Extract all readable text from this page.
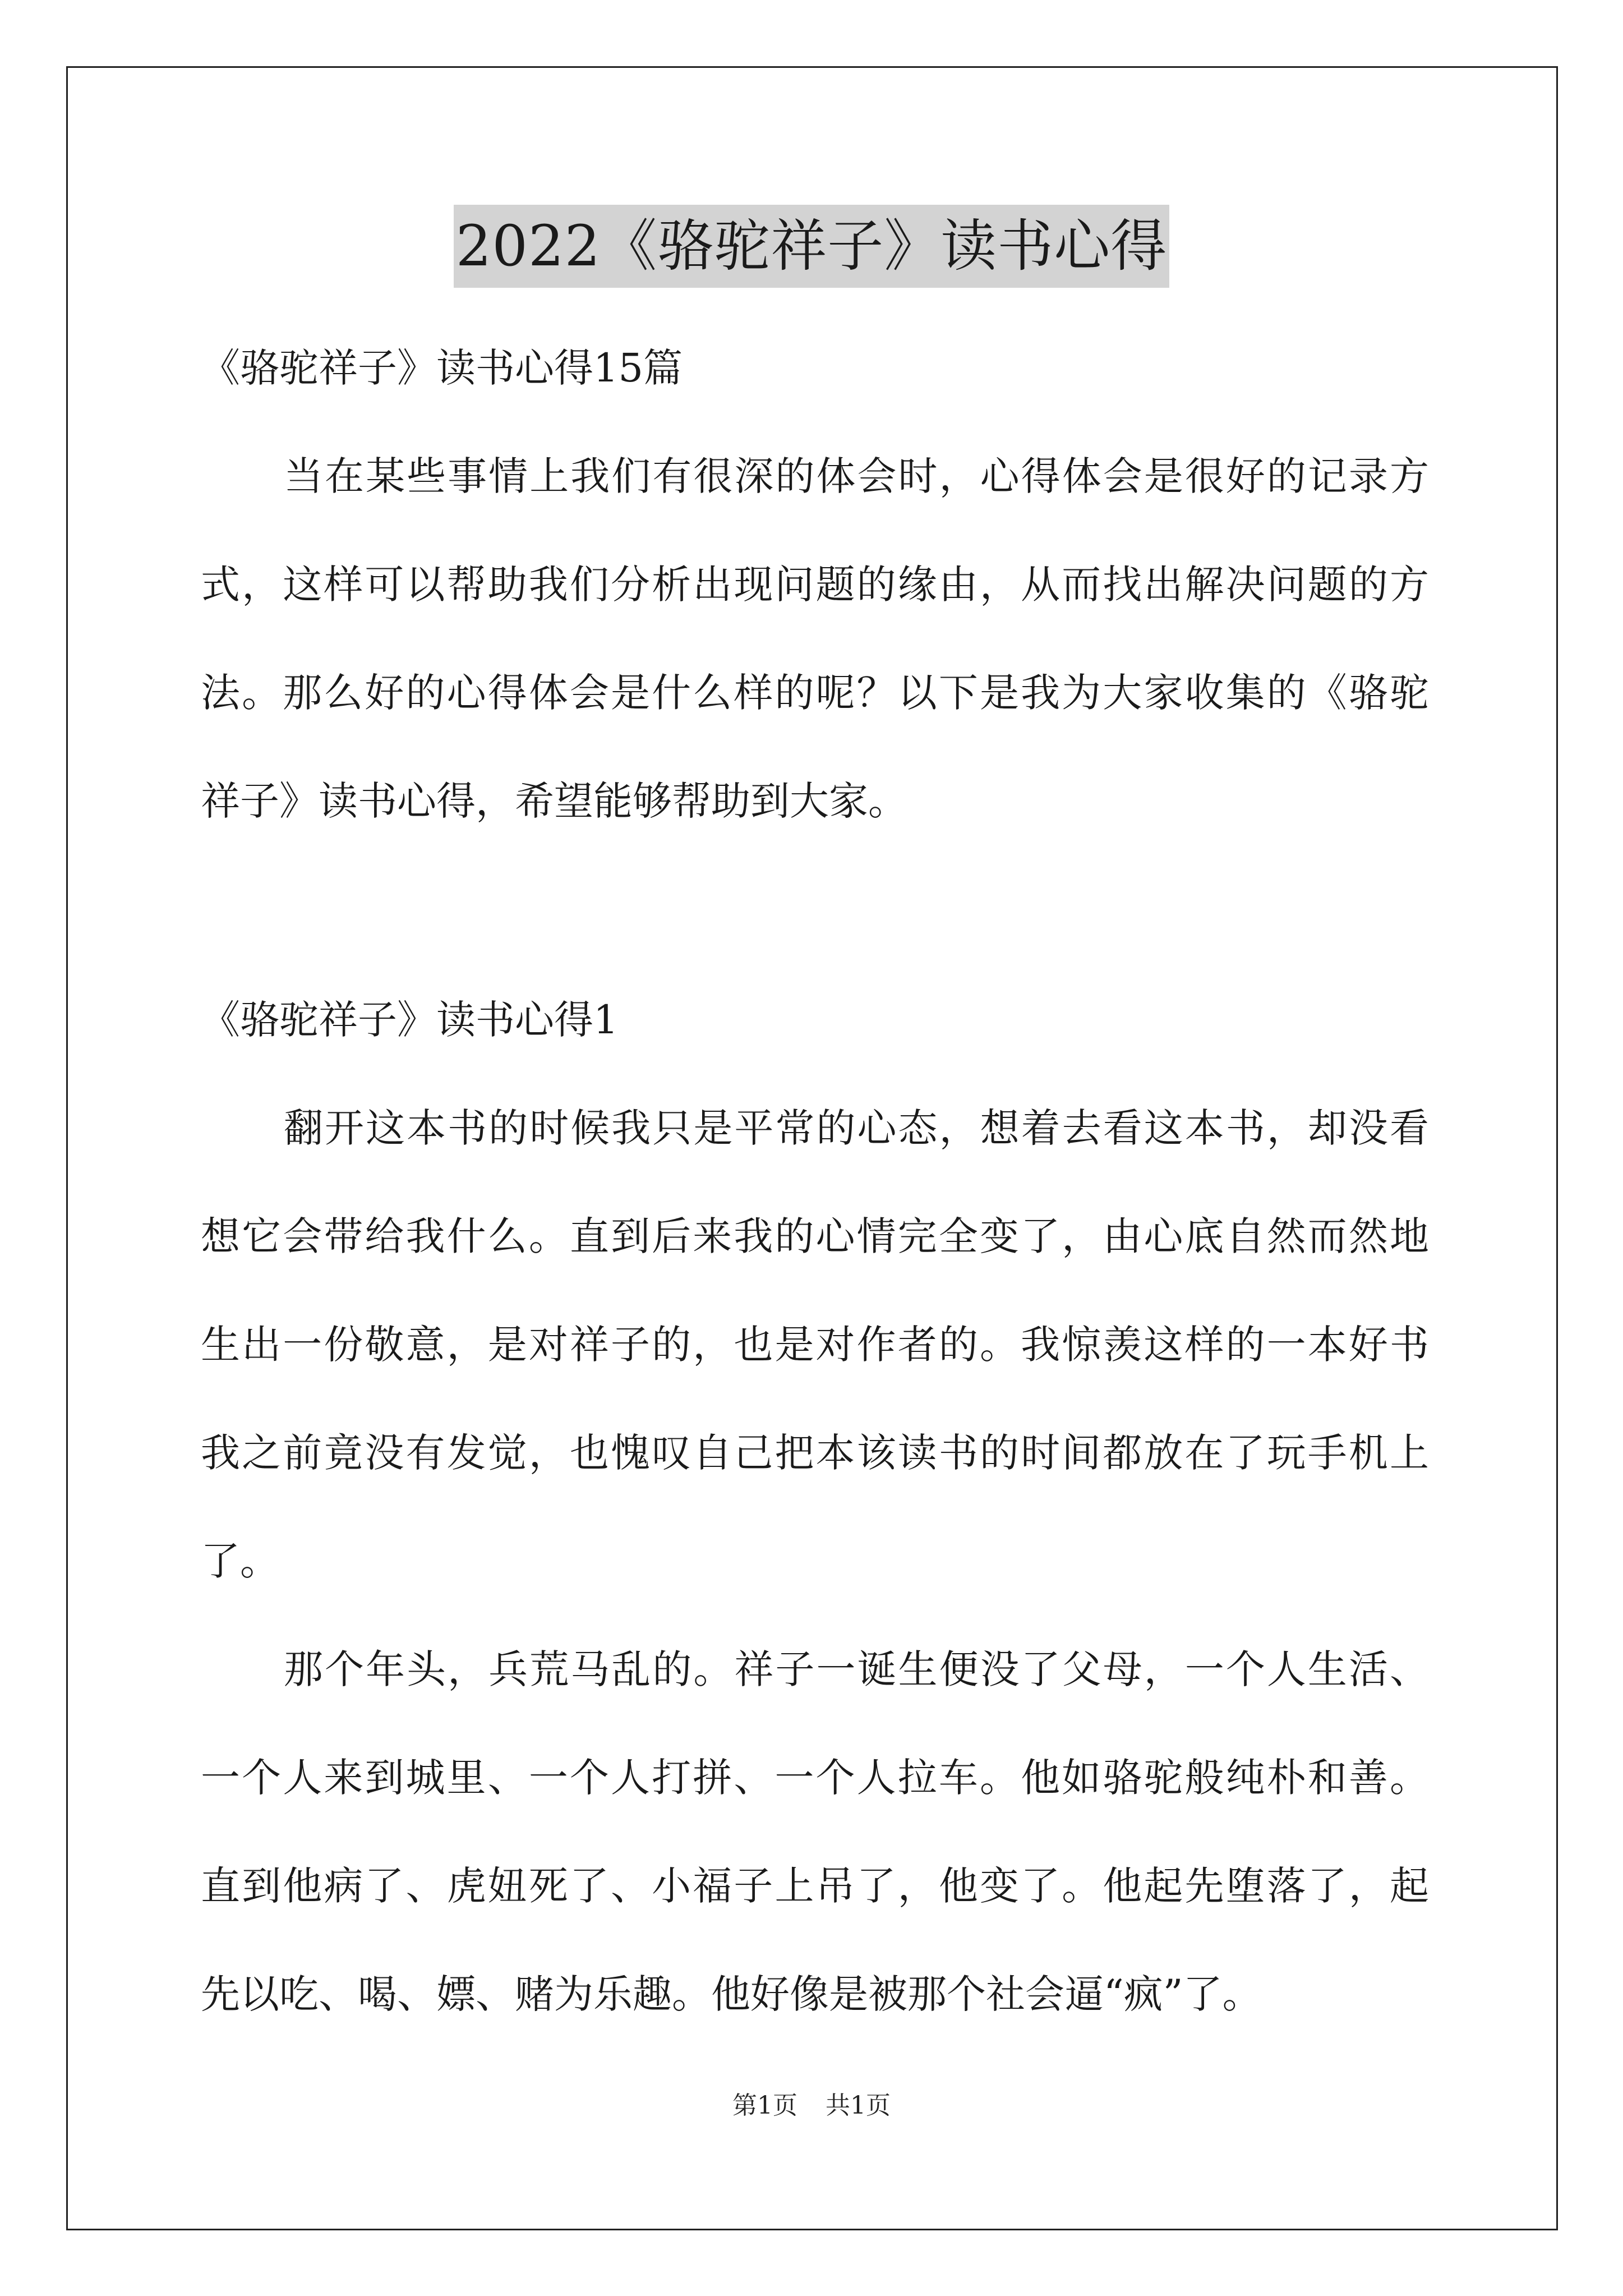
2022《骆驼祥子》读书心得

《骆驼祥子》读书心得15篇

当在某些事情上我们有很深的体会时，心得体会是很好的记录方

式，这样可以帮助我们分析出现问题的缘由，从而找出解决问题的方

法。那么好的心得体会是什么样的呢？以下是我为大家收集的《骆驼

祥子》读书心得，希望能够帮助到大家。

《骆驼祥子》读书心得1

翻开这本书的时候我只是平常的心态，想着去看这本书，却没看

想它会带给我什么。直到后来我的心情完全变了，由心底自然而然地

生出一份敬意，是对祥子的，也是对作者的。我惊羡这样的一本好书

我之前竟没有发觉，也愧叹自己把本该读书的时间都放在了玩手机上

了。

那个年头，兵荒马乱的。祥子一诞生便没了父母，一个人生活、

一个人来到城里、一个人打拼、一个人拉车。他如骆驼般纯朴和善。

直到他病了、虎妞死了、小福子上吊了，他变了。他起先堕落了，起

先以吃、喝、嫖、赌为乐趣。他好像是被那个社会逼“疯”了。

第1页 共1页
